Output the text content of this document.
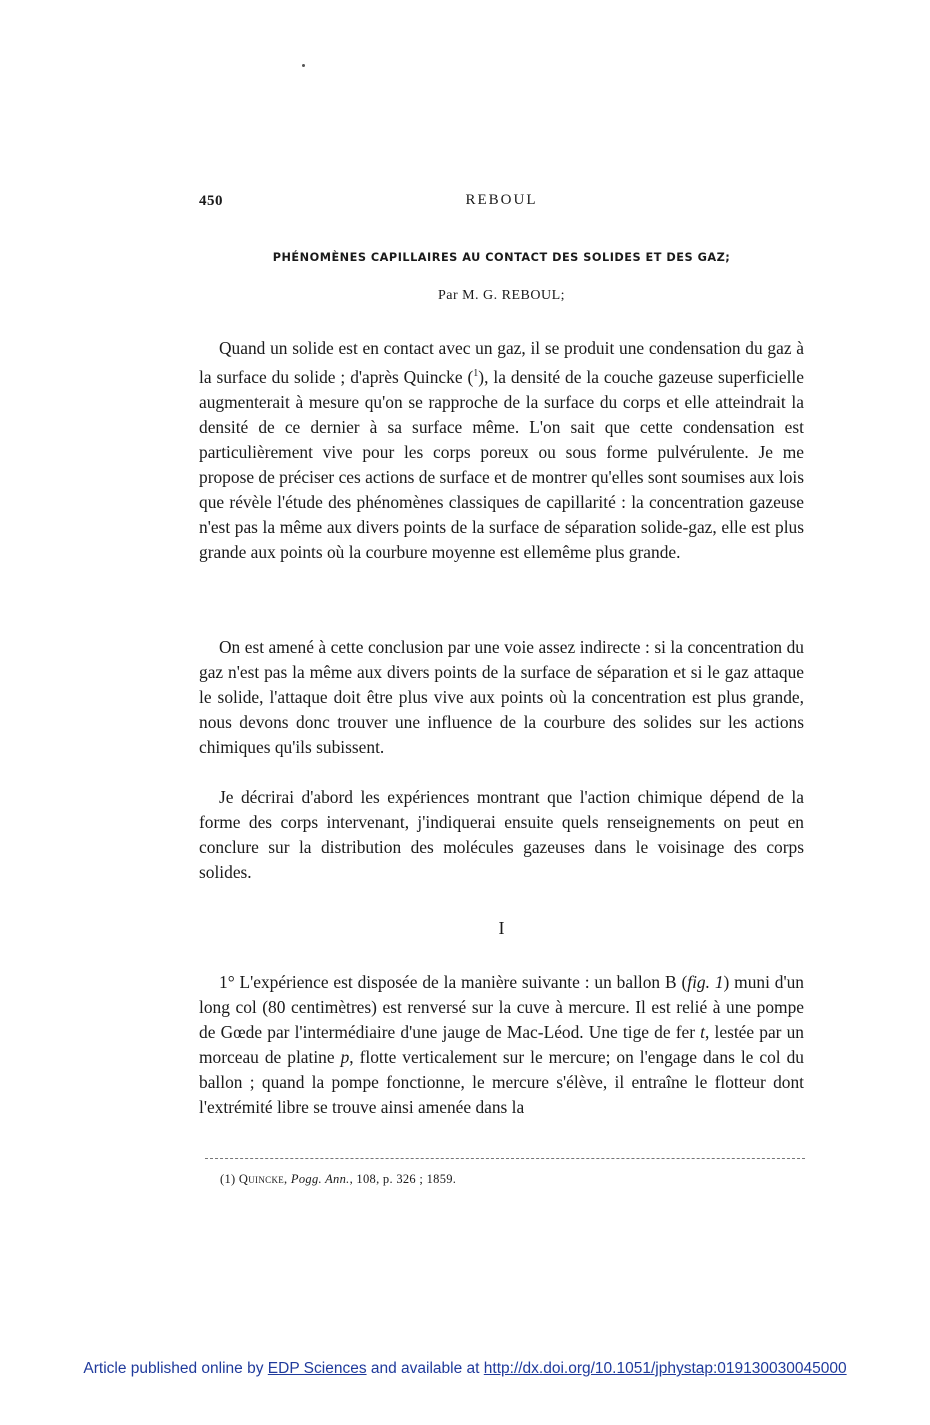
450	REBOUL
PHÉNOMÈNES CAPILLAIRES AU CONTACT DES SOLIDES ET DES GAZ;
Par M. G. REBOUL;

Quand un solide est en contact avec un gaz, il se produit une condensation du gaz à la surface du solide ; d'après Quincke ($^1$), la densité de la couche gazeuse superficielle augmenterait à mesure qu'on se rapproche de la surface du corps et elle atteindrait la densité de ce dernier à sa surface même. L'on sait que cette condensation est particulièrement vive pour les corps poreux ou sous forme pulvérulente. Je me propose de préciser ces actions de surface et de montrer qu'elles sont soumises aux lois que révèle l'étude des phénomènes classiques de capillarité : la concentration gazeuse n'est pas la même aux divers points de la surface de séparation solide-gaz, elle est plus grande aux points où la courbure moyenne est ellemême plus grande.

On est amené à cette conclusion par une voie assez indirecte : si la concentration du gaz n'est pas la même aux divers points de la surface de séparation et si le gaz attaque le solide, l'attaque doit être plus vive aux points où la concentration est plus grande, nous devons donc trouver une influence de la courbure des solides sur les actions chimiques qu'ils subissent.

Je décrirai d'abord les expériences montrant que l'action chimique dépend de la forme des corps intervenant, j'indiquerai ensuite quels renseignements on peut en conclure sur la distribution des molécules gazeuses dans le voisinage des corps solides.

I

1° L'expérience est disposée de la manière suivante : un ballon B (fig. 1) muni d'un long col (80 centimètres) est renversé sur la cuve à mercure. Il est relié à une pompe de Gœde par l'intermédiaire d'une jauge de Mac-Léod. Une tige de fer t, lestée par un morceau de platine p, flotte verticalement sur le mercure; on l'engage dans le col du ballon ; quand la pompe fonctionne, le mercure s'élève, il entraîne le flotteur dont l'extrémité libre se trouve ainsi amenée dans la

(1) Quincke, Pogg. Ann., 108, p. 326 ; 1859.
Article published online by EDP Sciences and available at http://dx.doi.org/10.1051/jphystap:019130030045000
